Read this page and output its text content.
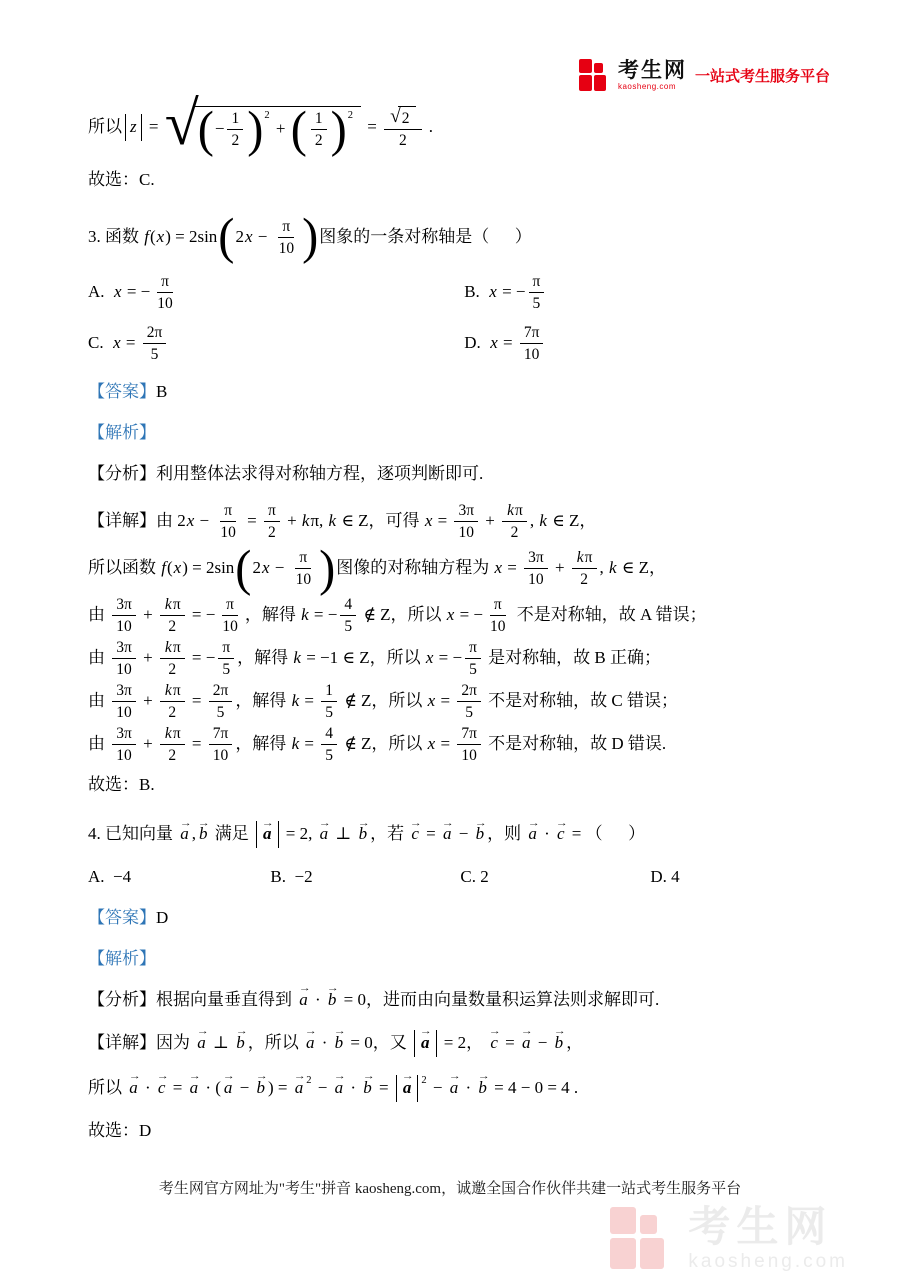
考生网
kaosheng.com
一站式考生服务平台
所以 z = √ ( − $\frac{1}{2}$ ) 2
+ ( $\frac{1}{2}$ ) 2
= $\frac{√ 2}{2}$ .
故选：C.
3. 函数 f ( x ) = 2sin ( 2 $x - \frac{\pi}{10}$ ) 图象的一条对称轴是（      ）
A. x = − $\frac{\pi}{10}$	B. x = − $\frac{\pi}{5}$
C. $x = \frac{2\pi}{5}$	D. $x = \frac{7\pi}{10}$
【答案】 B
【解析】
【分析】利用整体法求得对称轴方程，逐项判断即可.
【详解】由 2 $x - \frac{\pi}{10} = \frac{\pi}{2} + k$ π, k ∈ Z，可得 $x = \frac{3\pi}{10} + \frac{\text{k π}}{2}$ , k ∈ Z，
所以函数 f ( x ) = 2sin ( 2 $x - \frac{\pi}{10}$ ) 图像的对称轴方程为 $x = \frac{3\pi}{10} + \frac{\text{k π}}{2}$ , k ∈ Z，
由 $\frac{3\pi}{10} + \frac{\text{k π}}{2}$ = − $\frac{\pi}{10}$ ，解得 k = − $\frac{4}{5}$ ∉ Z，所以 x = − $\frac{\pi}{10}$ 不是对称轴，故 A 错误；
由 $\frac{3\pi}{10} + \frac{\text{k π}}{2}$ = − $\frac{\pi}{5}$ ，解得 k = −1 ∈ Z，所以 x = − $\frac{\pi}{5}$ 是对称轴，故 B 正确；
由 $\frac{3\pi}{10} + \frac{\text{k π}}{2} = \frac{2\pi}{5}$ ，解得 $k = \frac{1}{5}$ ∉ Z，所以 $x = \frac{2\pi}{5}$ 不是对称轴，故 C 错误；
由 $\frac{3\pi}{10} + \frac{\text{k π}}{2} = \frac{7\pi}{10}$ ，解得 $k = \frac{4}{5}$ ∉ Z，所以 $x = \frac{7\pi}{10}$ 不是对称轴，故 D 错误.
故选：B.
4. 已知向量
→
a ,
→
b 满足
→
a = 2,
→
a ⊥
→
b ，若
→
c =
→
a −
→
b ，则
→
a ·
→
c = （      ）
A.  −4	B.  −2	C. 2	D. 4
【答案】 D
【解析】
【分析】根据向量垂直得到
→
a ·
→
b = 0，进而由向量数量积运算法则求解即可.
【详解】因为
→
a ⊥
→
b ，所以
→
a ·
→
b = 0，又
→
a = 2，
→
c =
→
a −
→
b ，
所以
→
a ·
→
c =
→
a · (
→
a −
→
b ) =
→
a 2 −
→
a ·
→
b =
→
a 2 −
→
a ·
→
b = 4 − 0 = 4 .
故选：D
考生网官方网址为"考生"拼音 kaosheng.com，诚邀全国合作伙伴共建一站式考生服务平台
考生网
kaosheng.com
